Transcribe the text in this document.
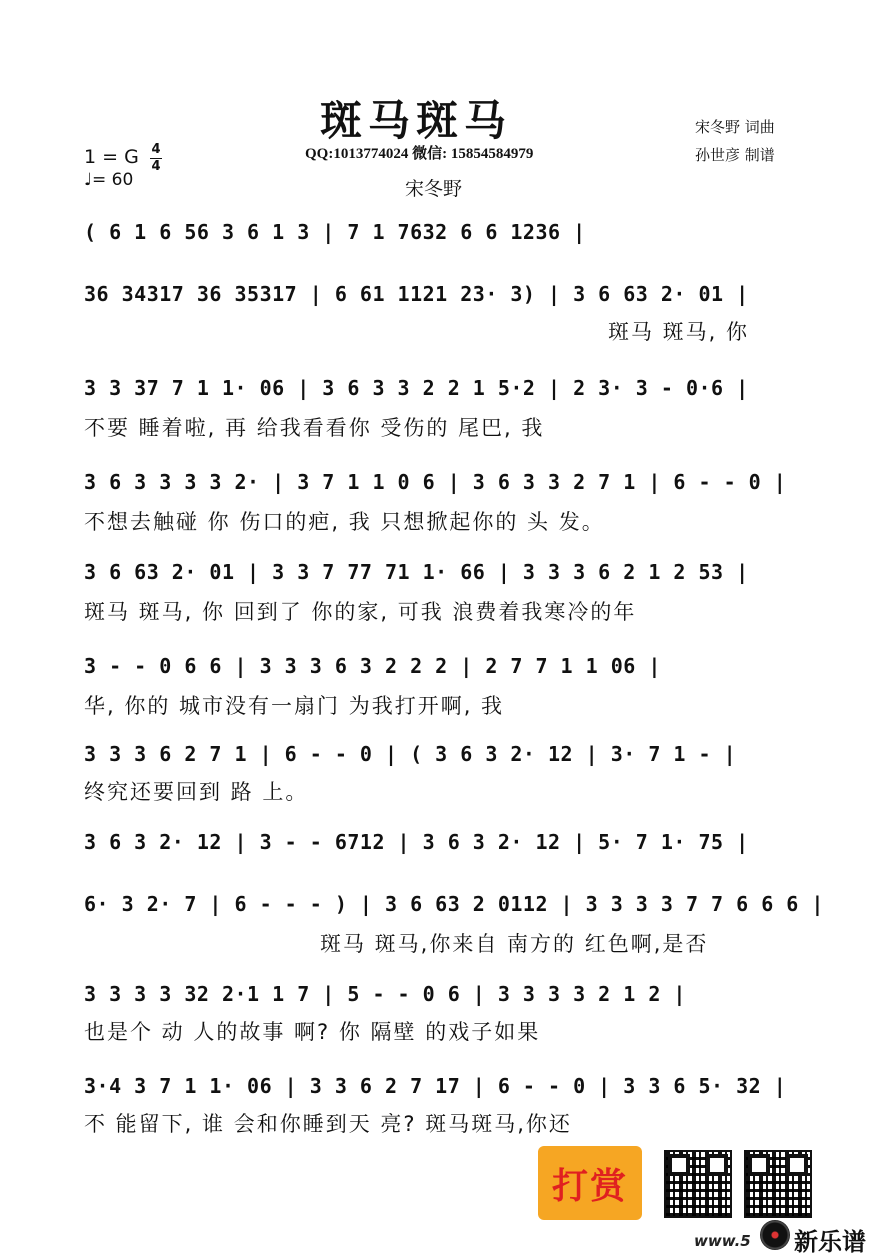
斑马斑马
QQ:1013774024 微信: 15854584979
宋冬野 词曲
孙世彦 制谱
宋冬野
1 = G 4
4
♩= 60
( 6 1 6 56 3 6 1 3 | 7 1 7632 6 6 1236 |
36 34317 36 35317 | 6 61 1121 23· 3) | 3 6 63 2· 01 |
斑马 斑马, 你
3 3 37 7 1 1· 06 | 3 6 3 3 2 2 1 5·2 | 2 3· 3 - 0·6 |
不要 睡着啦, 再 给我看看你 受伤的 尾巴, 我
3 6 3 3 3 3 2· | 3 7 1 1 0 6 | 3 6 3 3 2 7 1 | 6 - - 0 |
不想去触碰 你 伤口的疤, 我 只想掀起你的 头 发。
3 6 63 2· 01 | 3 3 7 77 71 1· 66 | 3 3 3 6 2 1 2 53 |
斑马 斑马, 你 回到了 你的家, 可我 浪费着我寒冷的年
3 - - 0 6 6 | 3 3 3 6 3 2 2 2 | 2 7 7 1 1 06 |
华, 你的 城市没有一扇门 为我打开啊, 我
3 3 3 6 2 7 1 | 6 - - 0 | ( 3 6 3 2· 12 | 3· 7 1 - |
终究还要回到 路 上。
3 6 3 2· 12 | 3 - - 6712 | 3 6 3 2· 12 | 5· 7 1· 75 |
6· 3 2· 7 | 6 - - - ) | 3 6 63 2 0112 | 3 3 3 3 7 7 6 6 6 |
斑马 斑马,你来自 南方的 红色啊,是否
3 3 3 3 32 2·1 1 7 | 5 - - 0 6 | 3 3 3 3 2 1 2 |
也是个 动 人的故事 啊? 你 隔壁 的戏子如果
3·4 3 7 1 1· 06 | 3 3 6 2 7 17 | 6 - - 0 | 3 3 6 5· 32 |
不 能留下, 谁 会和你睡到天 亮? 斑马斑马,你还
打赏
www.5 新乐谱
